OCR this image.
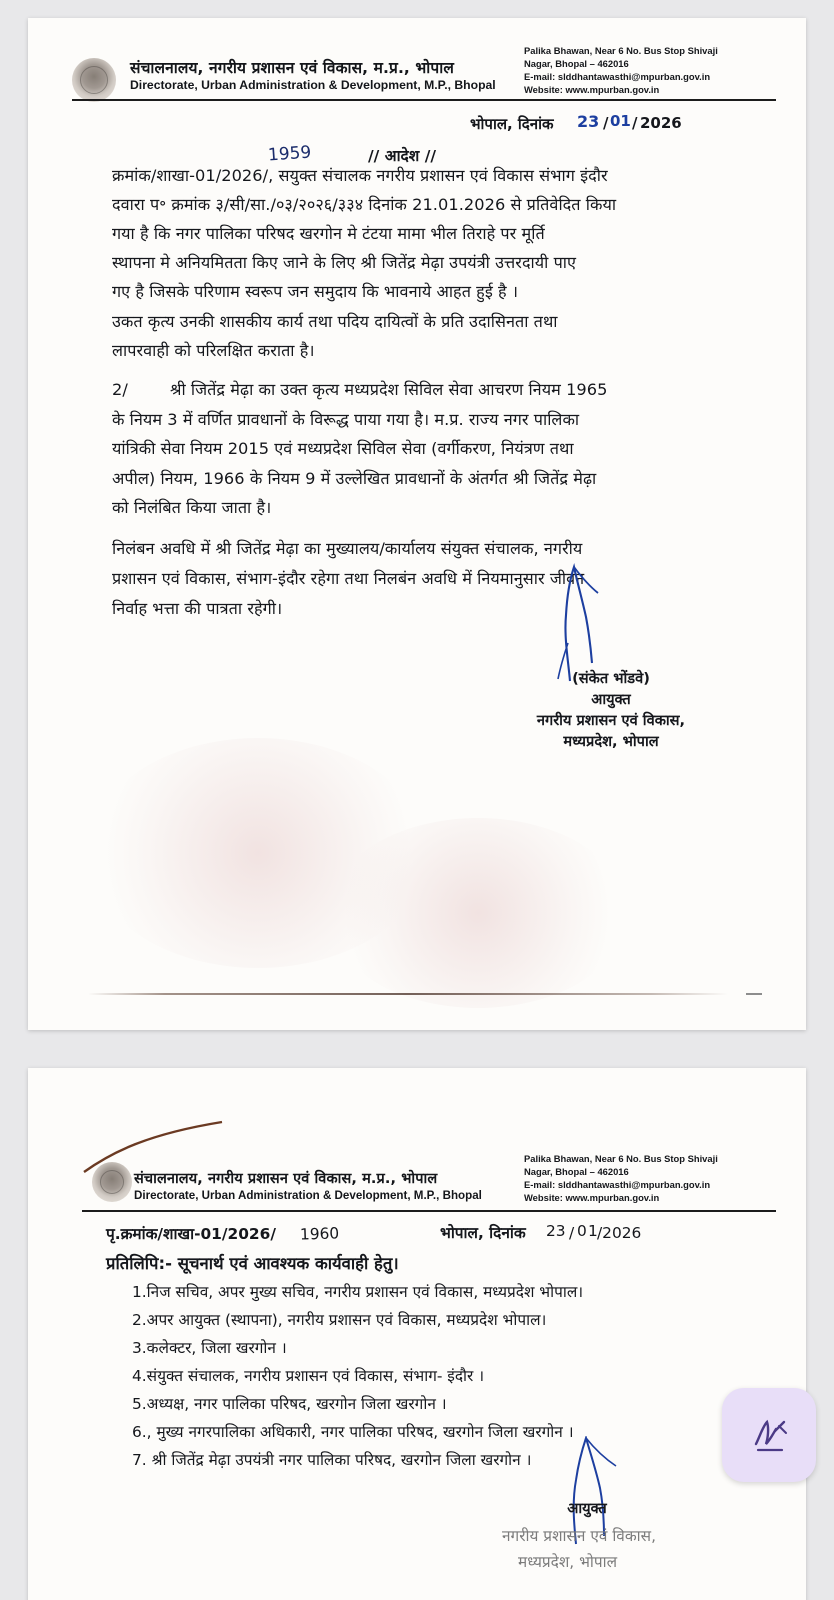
संचालनालय, नगरीय प्रशासन एवं विकास, म.प्र., भोपाल
Directorate, Urban Administration & Development, M.P., Bhopal
Palika Bhawan, Near 6 No. Bus Stop Shivaji
Nagar, Bhopal – 462016
E-mail: slddhantawasthi@mpurban.gov.in
Website: www.mpurban.gov.in
भोपाल, दिनांक 23 / 01 / 2026
// आदेश //
1959
क्रमांक/शाखा-01/2026/, सयुक्त संचालक नगरीय प्रशासन एवं विकास संभाग इंदौर
दवारा प॰ क्रमांक ३/सी/सा./०३/२०२६/३३४ दिनांक 21.01.2026 से प्रतिवेदित किया
गया है कि नगर पालिका परिषद खरगोन मे टंटया मामा भील तिराहे पर मूर्ति
स्थापना मे अनियमितता किए जाने के लिए श्री जितेंद्र मेढ़ा उपयंत्री उत्तरदायी पाए
गए है जिसके परिणाम स्वरूप जन समुदाय कि भावनाये आहत हुई है ।
उकत कृत्य उनकी शासकीय कार्य तथा पदिय दायित्वों के प्रति उदासिनता तथा
लापरवाही को परिलक्षित कराता है।
2/	श्री जितेंद्र मेढ़ा का उक्त कृत्य मध्यप्रदेश सिविल सेवा आचरण नियम 1965
के नियम 3 में वर्णित प्रावधानों के विरूद्ध पाया गया है। म.प्र. राज्य नगर पालिका
यांत्रिकी सेवा नियम 2015 एवं मध्यप्रदेश सिविल सेवा (वर्गीकरण, नियंत्रण तथा
अपील) नियम, 1966 के नियम 9 में उल्लेखित प्रावधानों के अंतर्गत श्री जितेंद्र मेढ़ा
को निलंबित किया जाता है।
निलंबन अवधि में श्री जितेंद्र मेढ़ा का मुख्यालय/कार्यालय संयुक्त संचालक, नगरीय
प्रशासन एवं विकास, संभाग-इंदौर रहेगा तथा निलबंन अवधि में नियमानुसार जीवन
निर्वाह भत्ता की पात्रता रहेगी।
(संकेत भोंडवे)
आयुक्त
नगरीय प्रशासन एवं विकास,
मध्यप्रदेश, भोपाल
संचालनालय, नगरीय प्रशासन एवं विकास, म.प्र., भोपाल
Directorate, Urban Administration & Development, M.P., Bhopal
Palika Bhawan, Near 6 No. Bus Stop Shivaji
Nagar, Bhopal – 462016
E-mail: slddhantawasthi@mpurban.gov.in
Website: www.mpurban.gov.in
पृ.क्रमांक/शाखा-01/2026/ 1960	भोपाल, दिनांक 23 / 0 1 /2026
प्रतिलिपि:- सूचनार्थ एवं आवश्यक कार्यवाही हेतु।
1.निज सचिव, अपर मुख्य सचिव, नगरीय प्रशासन एवं विकास, मध्यप्रदेश भोपाल।
2.अपर आयुक्त (स्थापना), नगरीय प्रशासन एवं विकास, मध्यप्रदेश भोपाल।
3.कलेक्टर, जिला खरगोन ।
4.संयुक्त संचालक, नगरीय प्रशासन एवं विकास, संभाग- इंदौर ।
5.अध्यक्ष, नगर पालिका परिषद, खरगोन जिला खरगोन ।
6., मुख्य नगरपालिका अधिकारी, नगर पालिका परिषद, खरगोन जिला खरगोन ।
7. श्री जितेंद्र मेढ़ा उपयंत्री नगर पालिका परिषद, खरगोन जिला खरगोन ।
आयुक्त
नगरीय प्रशासन एवं विकास,
मध्यप्रदेश, भोपाल
